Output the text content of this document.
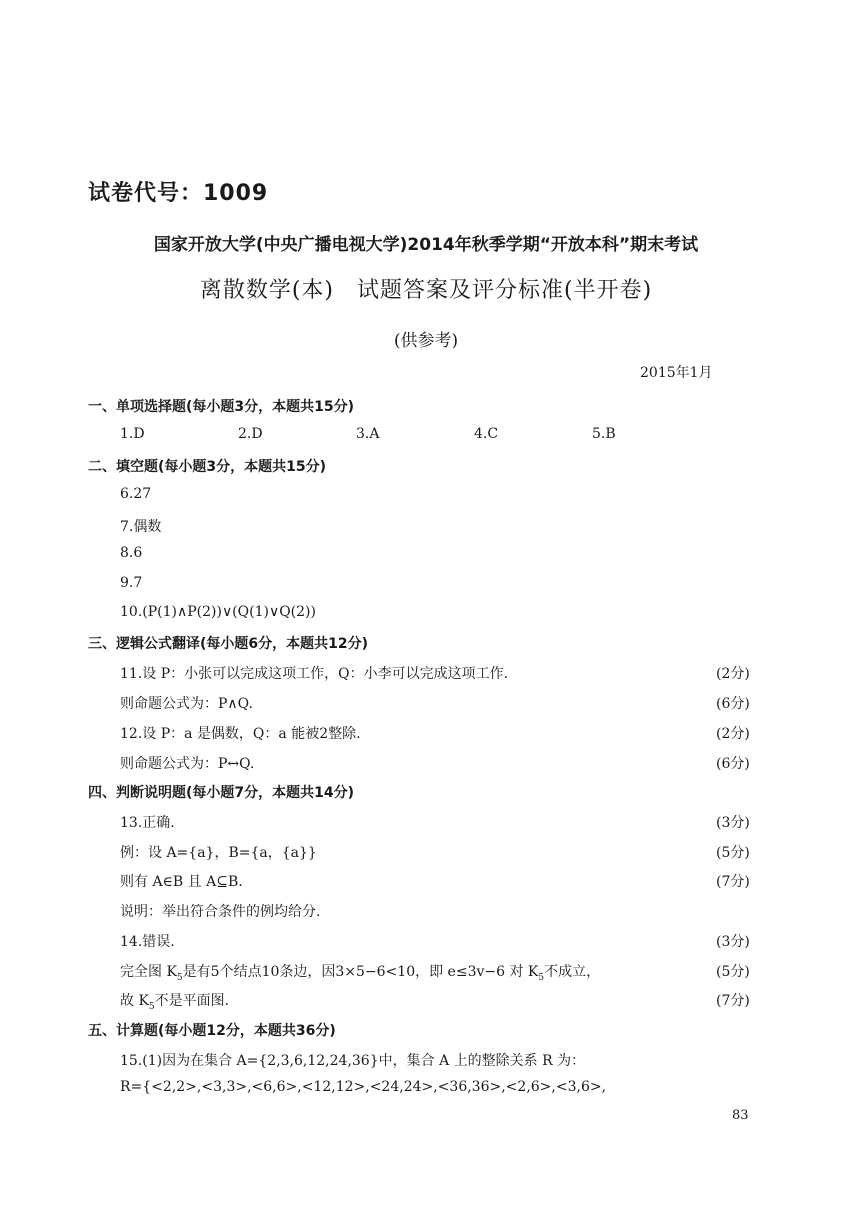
试卷代号：1009
国家开放大学(中央广播电视大学)2014年秋季学期“开放本科”期末考试
离散数学(本)　试题答案及评分标准(半开卷)
(供参考)
2015年1月
一、单项选择题(每小题3分，本题共15分)
1.D	2.D	3.A	4.C	5.B
二、填空题(每小题3分，本题共15分)
6.27
7.偶数
8.6
9.7
10.(P(1)∧P(2))∨(Q(1)∨Q(2))
三、逻辑公式翻译(每小题6分，本题共12分)
11.设 P：小张可以完成这项工作，Q：小李可以完成这项工作.	(2分)
则命题公式为：P∧Q.	(6分)
12.设 P：a 是偶数，Q：a 能被2整除.	(2分)
则命题公式为：P↔Q.	(6分)
四、判断说明题(每小题7分，本题共14分)
13.正确.	(3分)
例：设 A={a}，B={a，{a}}	(5分)
则有 A∈B 且 A⊆B.	(7分)
说明：举出符合条件的例均给分.
14.错误.	(3分)
完全图 $K_5$是有5个结点10条边，因3×5−6<10，即 e≤3v−6 对 $K_5$不成立，	(5分)
故 $K_5$不是平面图.	(7分)
五、计算题(每小题12分，本题共36分)
15.(1)因为在集合 A={2,3,6,12,24,36}中，集合 A 上的整除关系 R 为：
R={<2,2>,<3,3>,<6,6>,<12,12>,<24,24>,<36,36>,<2,6>,<3,6>,
83
